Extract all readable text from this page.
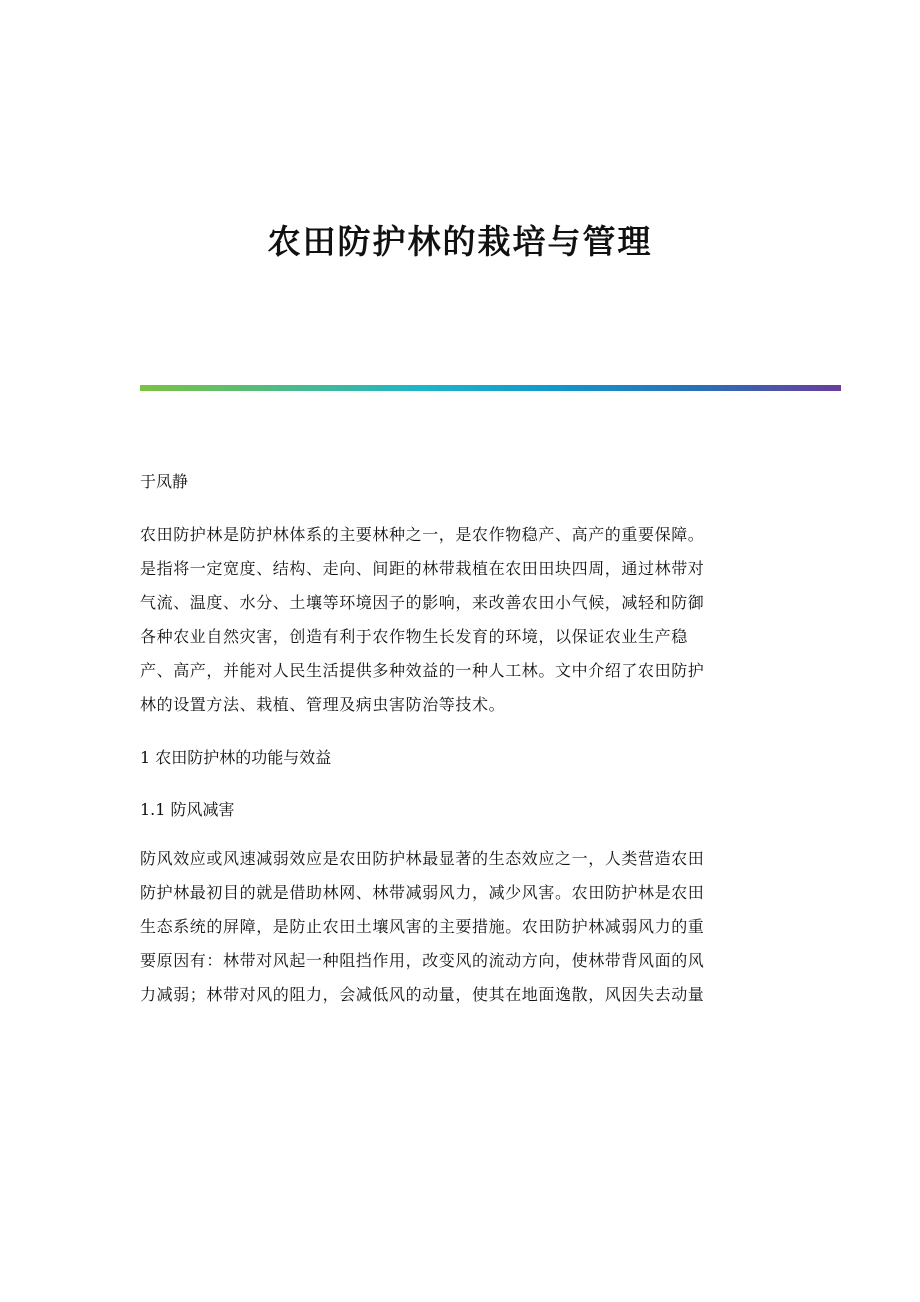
农田防护林的栽培与管理
于凤静
农田防护林是防护林体系的主要林种之一，是农作物稳产、高产的重要保障。
是指将一定宽度、结构、走向、间距的林带栽植在农田田块四周，通过林带对
气流、温度、水分、土壤等环境因子的影响，来改善农田小气候，减轻和防御
各种农业自然灾害，创造有利于农作物生长发育的环境，以保证农业生产稳
产、高产，并能对人民生活提供多种效益的一种人工林。文中介绍了农田防护
林的设置方法、栽植、管理及病虫害防治等技术。
1 农田防护林的功能与效益
1.1 防风减害
防风效应或风速减弱效应是农田防护林最显著的生态效应之一，人类营造农田
防护林最初目的就是借助林网、林带减弱风力，减少风害。农田防护林是农田
生态系统的屏障，是防止农田土壤风害的主要措施。农田防护林减弱风力的重
要原因有：林带对风起一种阻挡作用，改变风的流动方向，使林带背风面的风
力减弱；林带对风的阻力，会减低风的动量，使其在地面逸散，风因失去动量
